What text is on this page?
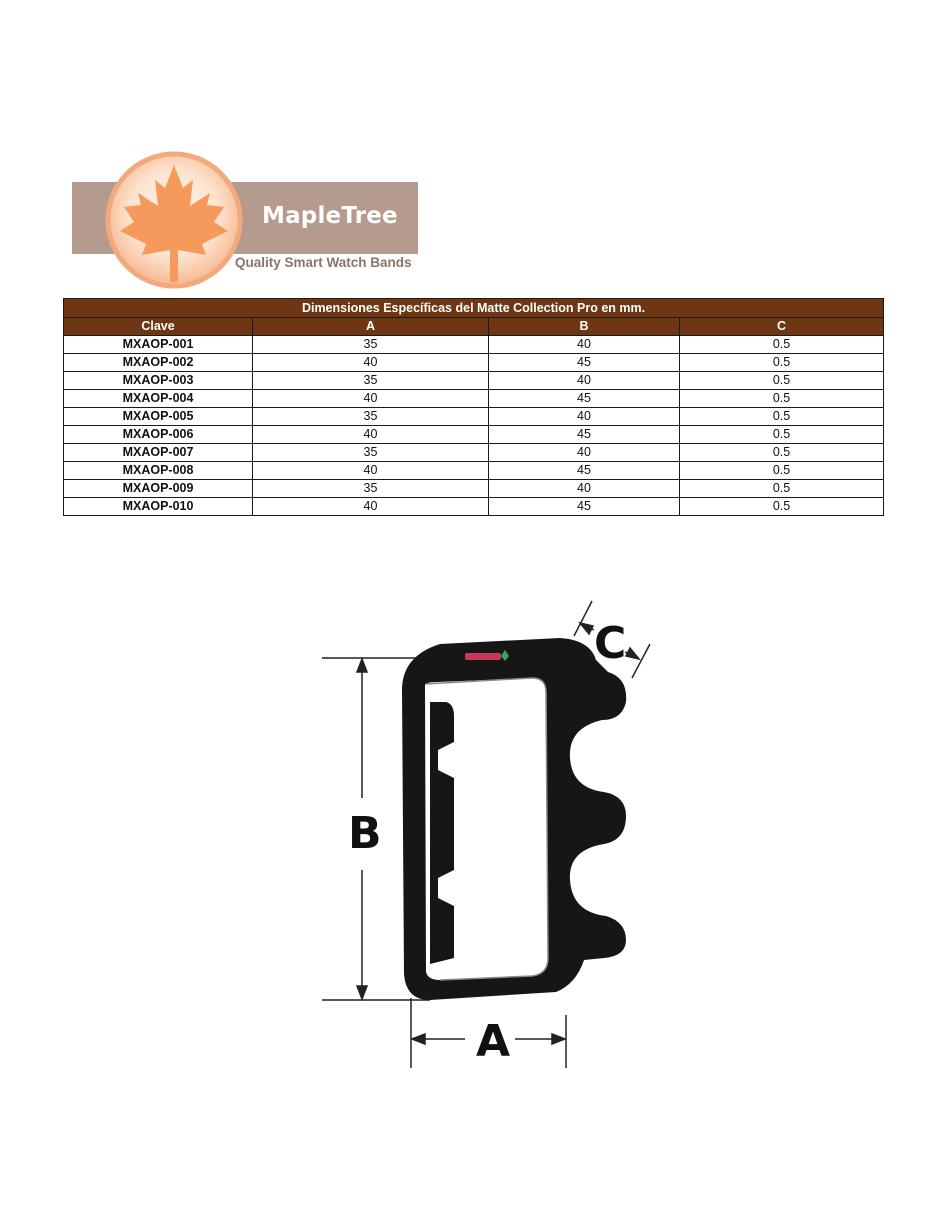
MapleTree
Quality Smart Watch Bands
Dimensiones Específicas del Matte Collection Pro en mm.			
Clave	A	B	C
MXAOP-001	35	40	0.5
MXAOP-002	40	45	0.5
MXAOP-003	35	40	0.5
MXAOP-004	40	45	0.5
MXAOP-005	35	40	0.5
MXAOP-006	40	45	0.5
MXAOP-007	35	40	0.5
MXAOP-008	40	45	0.5
MXAOP-009	35	40	0.5
MXAOP-010	40	45	0.5
B
A
C
